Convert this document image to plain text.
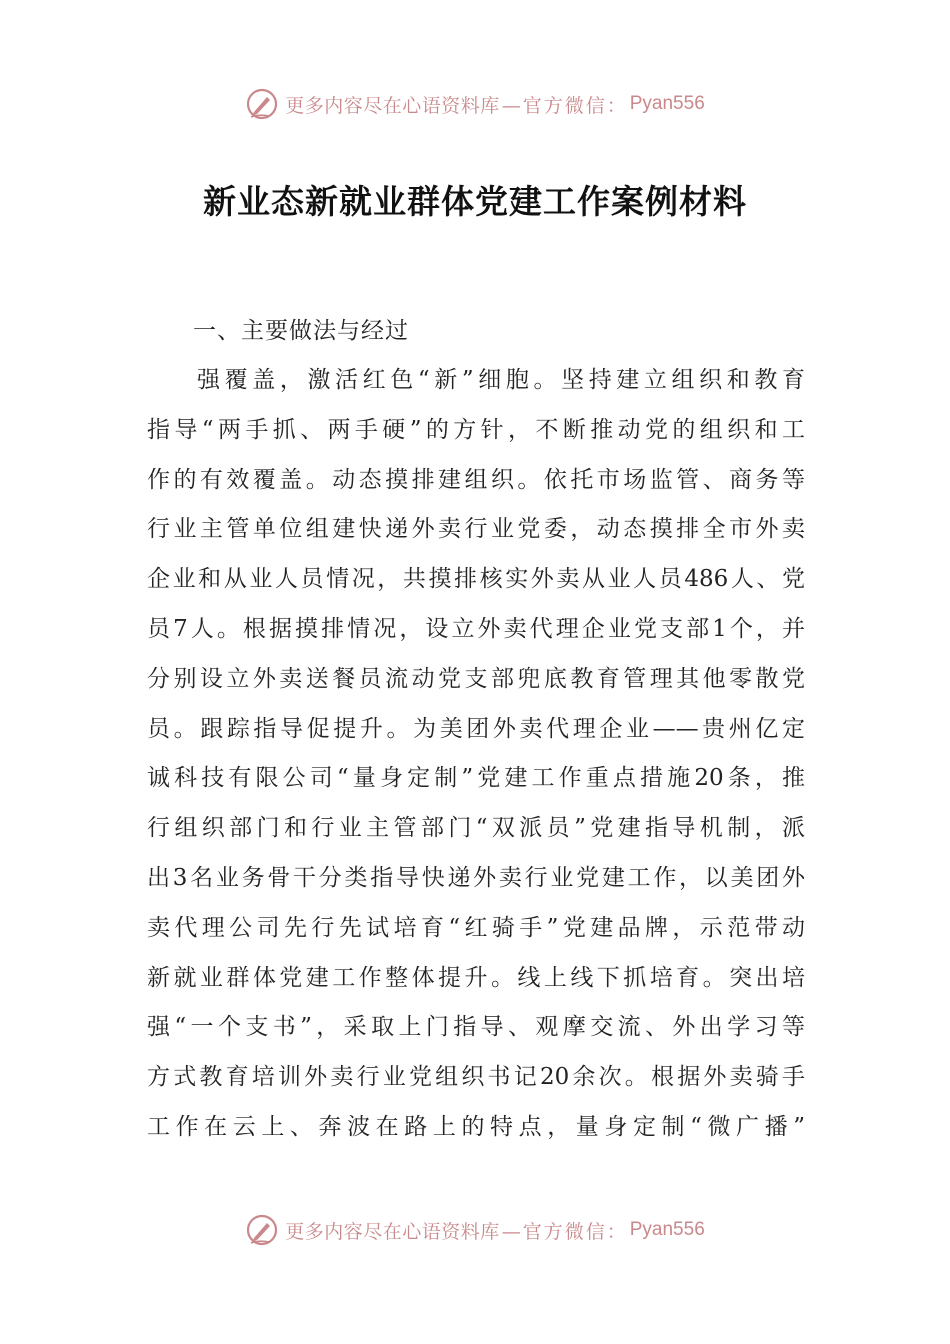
更多内容尽在心语资料库 —官方微信： Pyan556
新业态新就业群体党建工作案例材料
一、主要做法与经过
强覆盖，激活红色“新”细胞。坚持建立组织和教育
指导“两手抓、两手硬”的方针，不断推动党的组织和工
作的有效覆盖。动态摸排建组织。依托市场监管、商务等
行业主管单位组建快递外卖行业党委，动态摸排全市外卖
企业和从业人员情况，共摸排核实外卖从业人员486人、党
员7人。根据摸排情况，设立外卖代理企业党支部1个，并
分别设立外卖送餐员流动党支部兜底教育管理其他零散党
员。跟踪指导促提升。为美团外卖代理企业——贵州亿定
诚科技有限公司“量身定制”党建工作重点措施20条，推
行组织部门和行业主管部门“双派员”党建指导机制，派
出3名业务骨干分类指导快递外卖行业党建工作，以美团外
卖代理公司先行先试培育“红骑手”党建品牌，示范带动
新就业群体党建工作整体提升。线上线下抓培育。突出培
强“一个支书”，采取上门指导、观摩交流、外出学习等
方式教育培训外卖行业党组织书记20余次。根据外卖骑手
工作在云上、奔波在路上的特点，量身定制“微广播”
更多内容尽在心语资料库 —官方微信： Pyan556
